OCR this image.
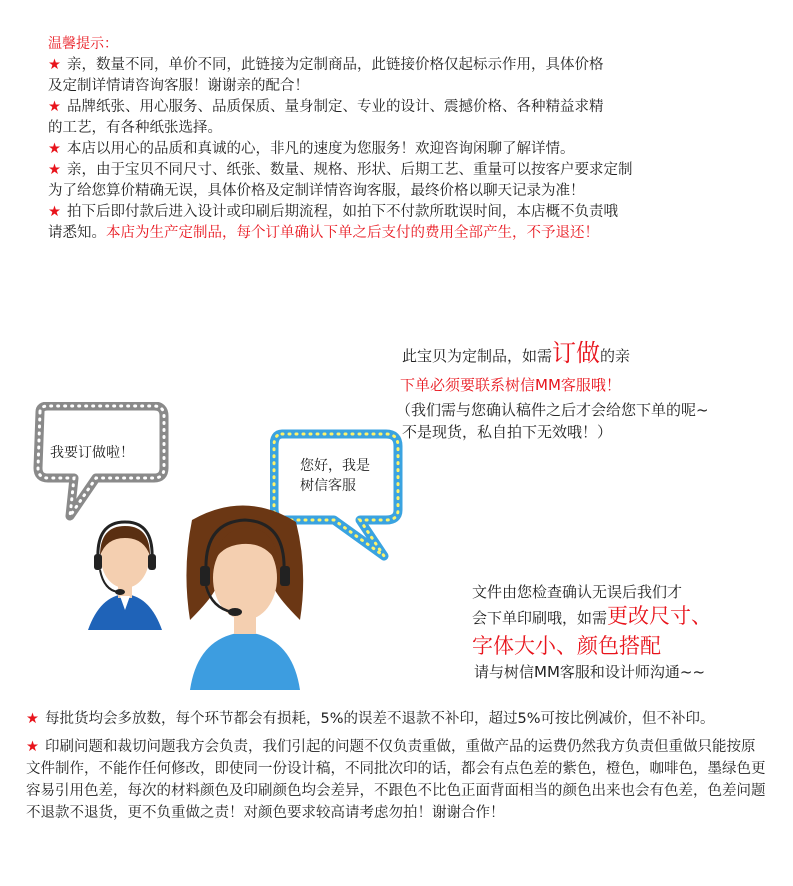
温馨提示：

★ 亲，数量不同，单价不同，此链接为定制商品，此链接价格仅起标示作用，具体价格

及定制详情请咨询客服！谢谢亲的配合！

★ 品牌纸张、用心服务、品质保质、量身制定、专业的设计、震撼价格、各种精益求精

的工艺，有各种纸张选择。

★ 本店以用心的品质和真诚的心，非凡的速度为您服务！欢迎咨询闲聊了解详情。

★ 亲，由于宝贝不同尺寸、纸张、数量、规格、形状、后期工艺、重量可以按客户要求定制

为了给您算价精确无误，具体价格及定制详情咨询客服，最终价格以聊天记录为准！

★ 拍下后即付款后进入设计或印刷后期流程，如拍下不付款所耽误时间，本店概不负责哦

请悉知。本店为生产定制品，每个订单确认下单之后支付的费用全部产生，不予退还！

此宝贝为定制品，如需订做的亲
下单必须要联系树信MM客服哦！
（我们需与您确认稿件之后才会给您下单的呢~
不是现货，私自拍下无效哦！）
我要订做啦！
您好，我是
树信客服
文件由您检查确认无误后我们才
会下单印刷哦，如需更改尺寸、
字体大小、颜色搭配
请与树信MM客服和设计师沟通~~

★ 每批货均会多放数，每个环节都会有损耗，5%的误差不退款不补印，超过5%可按比例减价，但不补印。

★ 印刷问题和裁切问题我方会负责，我们引起的问题不仅负责重做，重做产品的运费仍然我方负责但重做只能按原文件制作，不能作任何修改，即使同一份设计稿，不同批次印的话，都会有点色差的紫色，橙色，咖啡色，墨绿色更容易引用色差，每次的材料颜色及印刷颜色均会差异，不跟色不比色正面背面相当的颜色出来也会有色差，色差问题不退款不退货，更不负重做之责！对颜色要求较高请考虑勿拍！谢谢合作！
